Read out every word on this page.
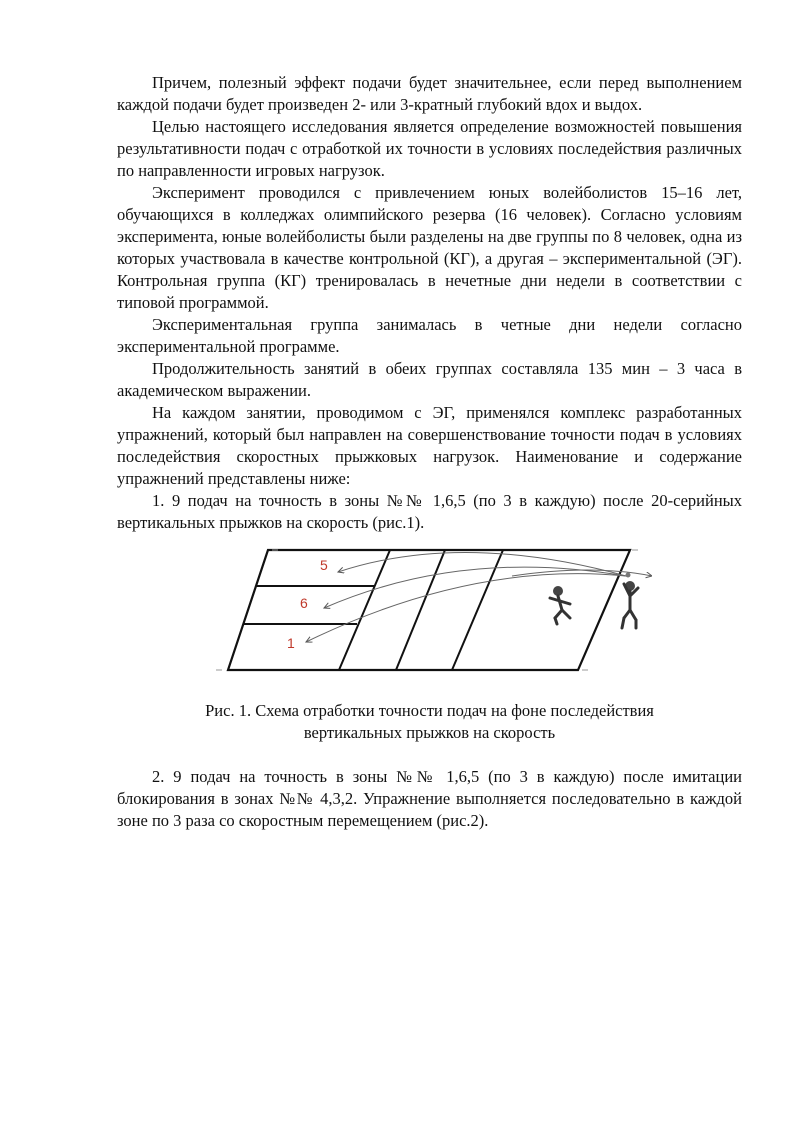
Причем, полезный эффект подачи будет значительнее, если перед выполнением каждой подачи будет произведен 2- или 3-кратный глубокий вдох и выдох.

Целью настоящего исследования является определение возможностей повышения результативности подач с отработкой их точности в условиях последействия различных по направленности игровых нагрузок.

Эксперимент проводился с привлечением юных волейболистов 15–16 лет, обучающихся в колледжах олимпийского резерва (16 человек). Согласно условиям эксперимента, юные волейболисты были разделены на две группы по 8 человек, одна из которых участвовала в качестве контрольной (КГ), а другая – экспериментальной (ЭГ). Контрольная группа (КГ) тренировалась в нечетные дни недели в соответствии с типовой программой.

Экспериментальная группа занималась в четные дни недели согласно экспериментальной программе.

Продолжительность занятий в обеих группах составляла 135 мин – 3 часа в академическом выражении.

На каждом занятии, проводимом с ЭГ, применялся комплекс разработанных упражнений, который был направлен на совершенствование точности подач в условиях последействия скоростных прыжковых нагрузок. Наименование и содержание упражнений представлены ниже:

1. 9 подач на точность в зоны №№ 1,6,5 (по 3 в каждую) после 20-серийных вертикальных прыжков на скорость (рис.1).

5
6
1
Рис. 1. Схема отработки точности подач на фоне последействия
вертикальных прыжков на скорость

2. 9 подач на точность в зоны №№ 1,6,5 (по 3 в каждую) после имитации блокирования в зонах №№ 4,3,2. Упражнение выполняется последовательно в каждой зоне по 3 раза со скоростным перемещением (рис.2).
